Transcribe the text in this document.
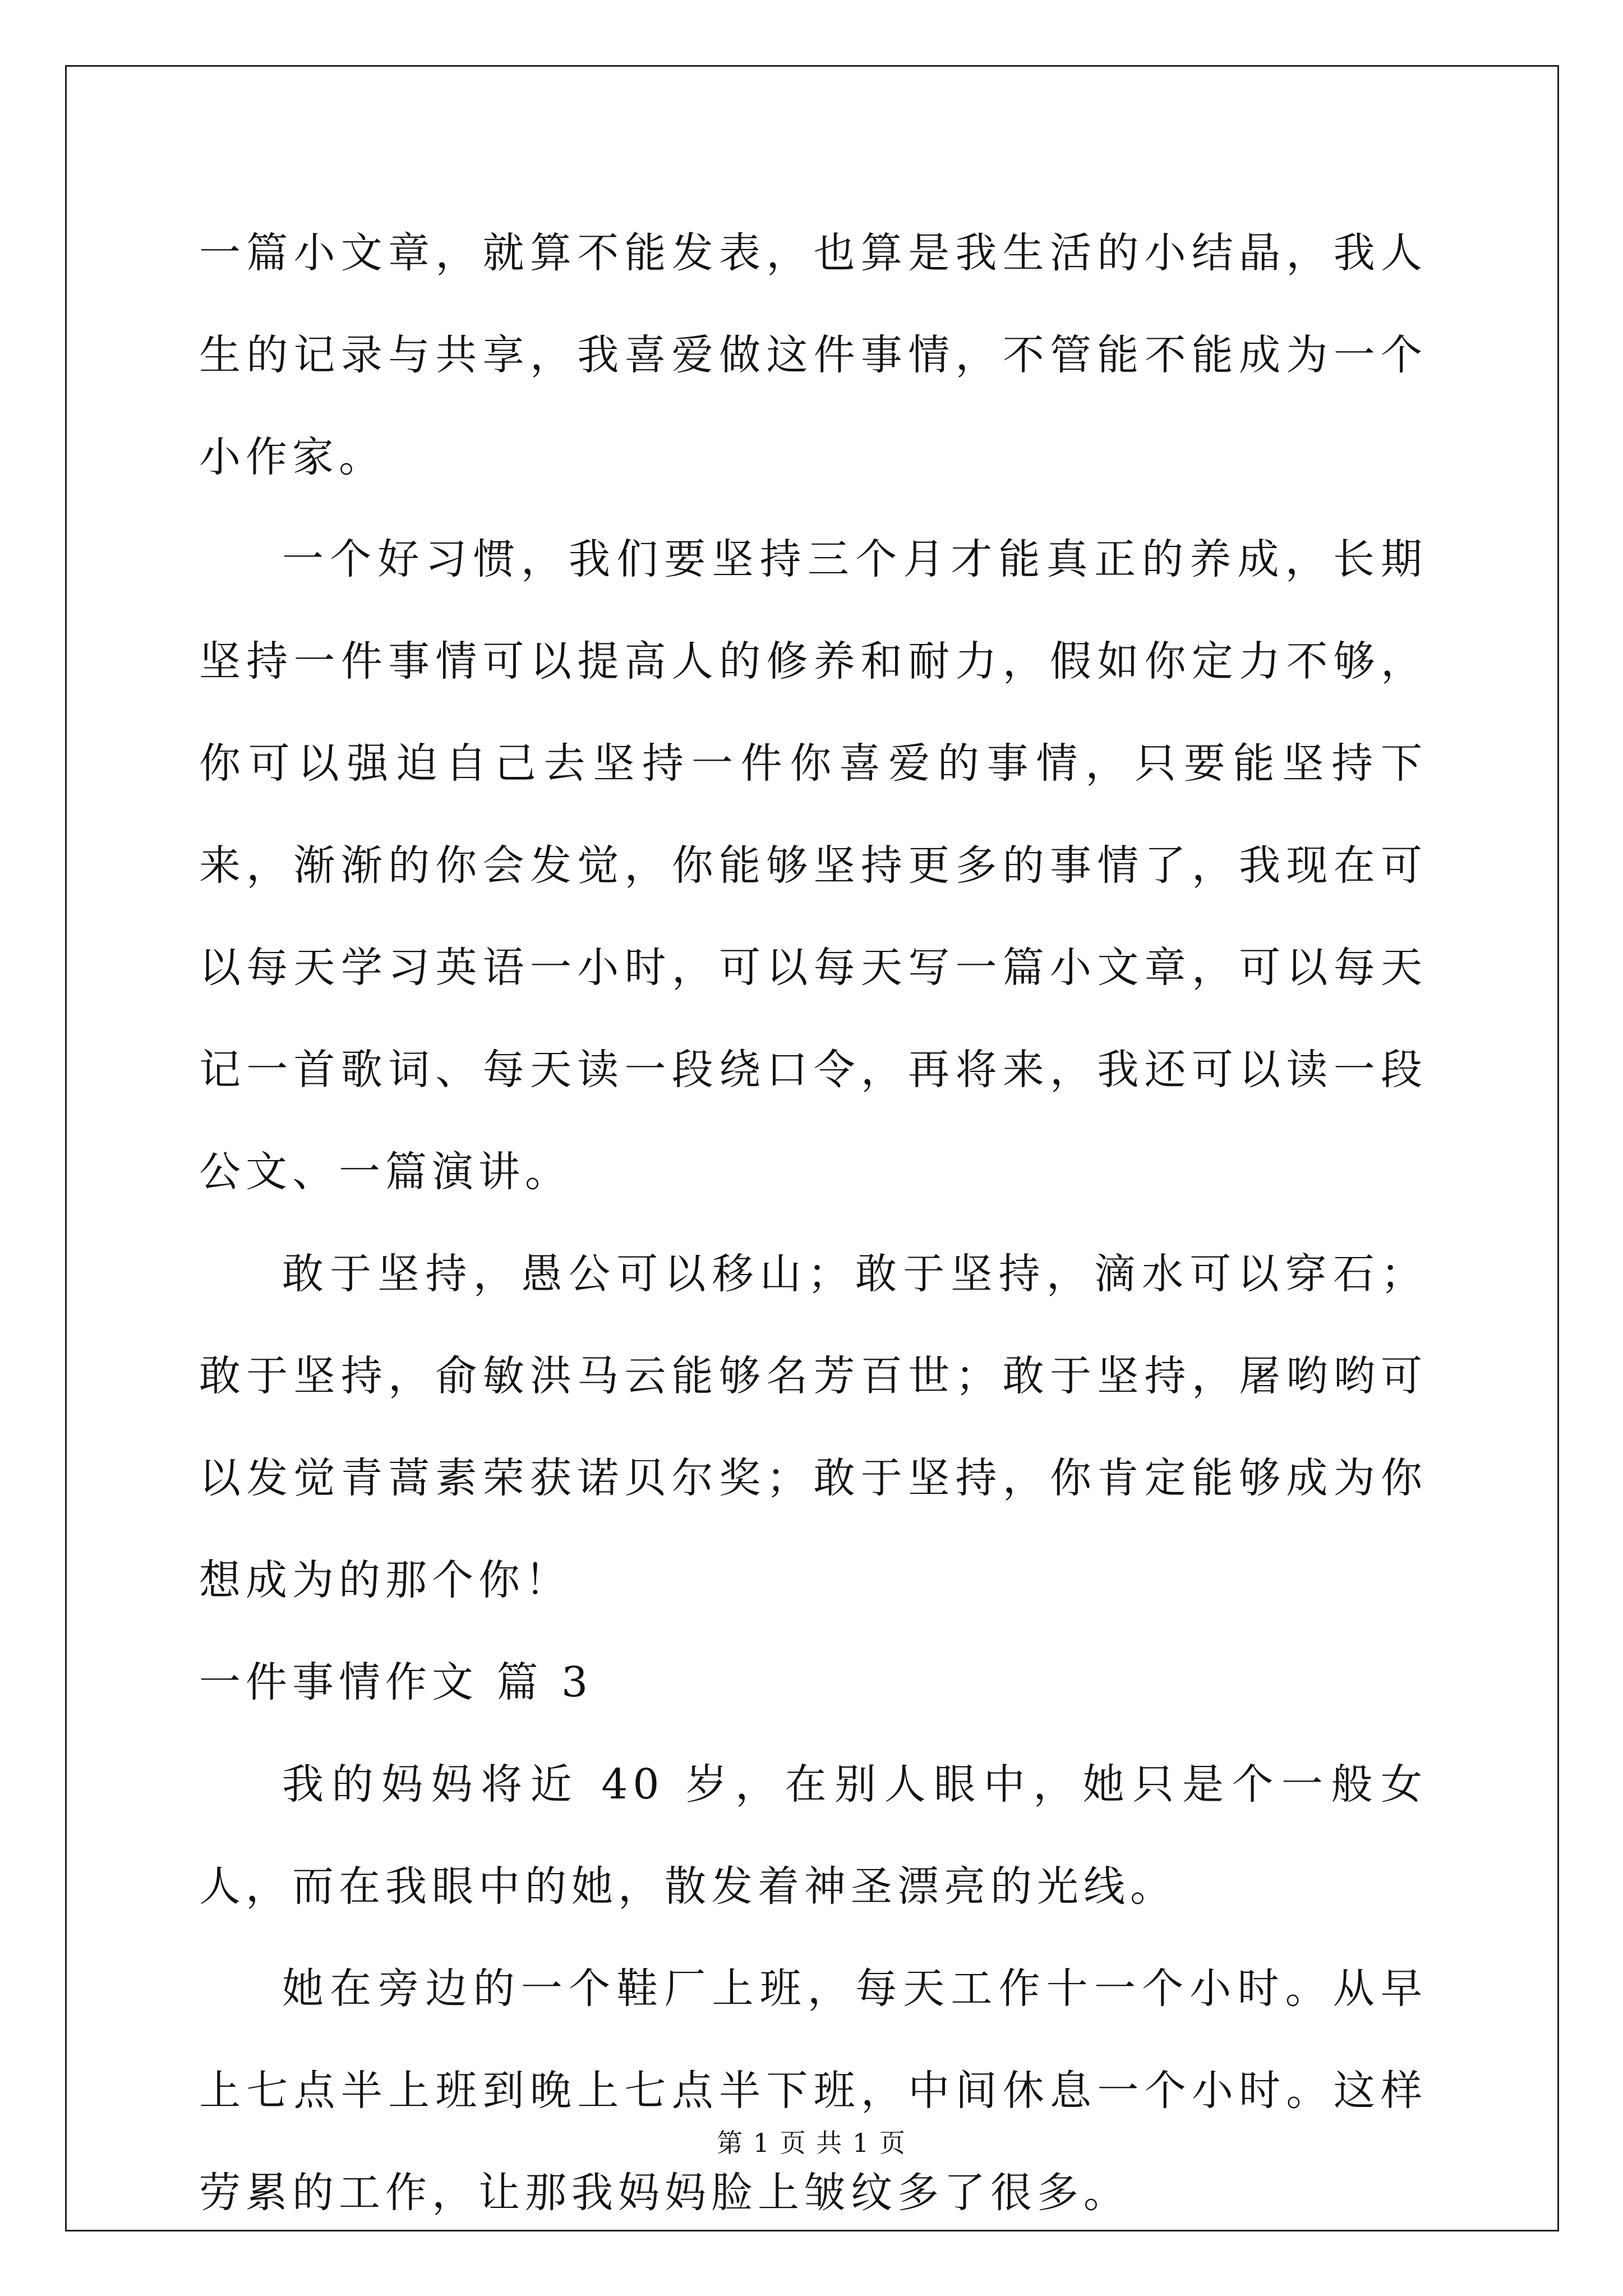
一篇小文章，就算不能发表，也算是我生活的小结晶，我人生的记录与共享，我喜爱做这件事情，不管能不能成为一个小作家。

一个好习惯，我们要坚持三个月才能真正的养成，长期坚持一件事情可以提高人的修养和耐力，假如你定力不够，你可以强迫自己去坚持一件你喜爱的事情，只要能坚持下来，渐渐的你会发觉，你能够坚持更多的事情了，我现在可以每天学习英语一小时，可以每天写一篇小文章，可以每天记一首歌词、每天读一段绕口令，再将来，我还可以读一段公文、一篇演讲。

敢于坚持，愚公可以移山；敢于坚持，滴水可以穿石；敢于坚持，俞敏洪马云能够名芳百世；敢于坚持，屠哟哟可以发觉青蒿素荣获诺贝尔奖；敢于坚持，你肯定能够成为你想成为的那个你！

一件事情作文 篇 3

我的妈妈将近 40 岁，在别人眼中，她只是个一般女人，而在我眼中的她，散发着神圣漂亮的光线。

她在旁边的一个鞋厂上班，每天工作十一个小时。从早上七点半上班到晚上七点半下班，中间休息一个小时。这样劳累的工作，让那我妈妈脸上皱纹多了很多。

第 1 页 共 1 页
